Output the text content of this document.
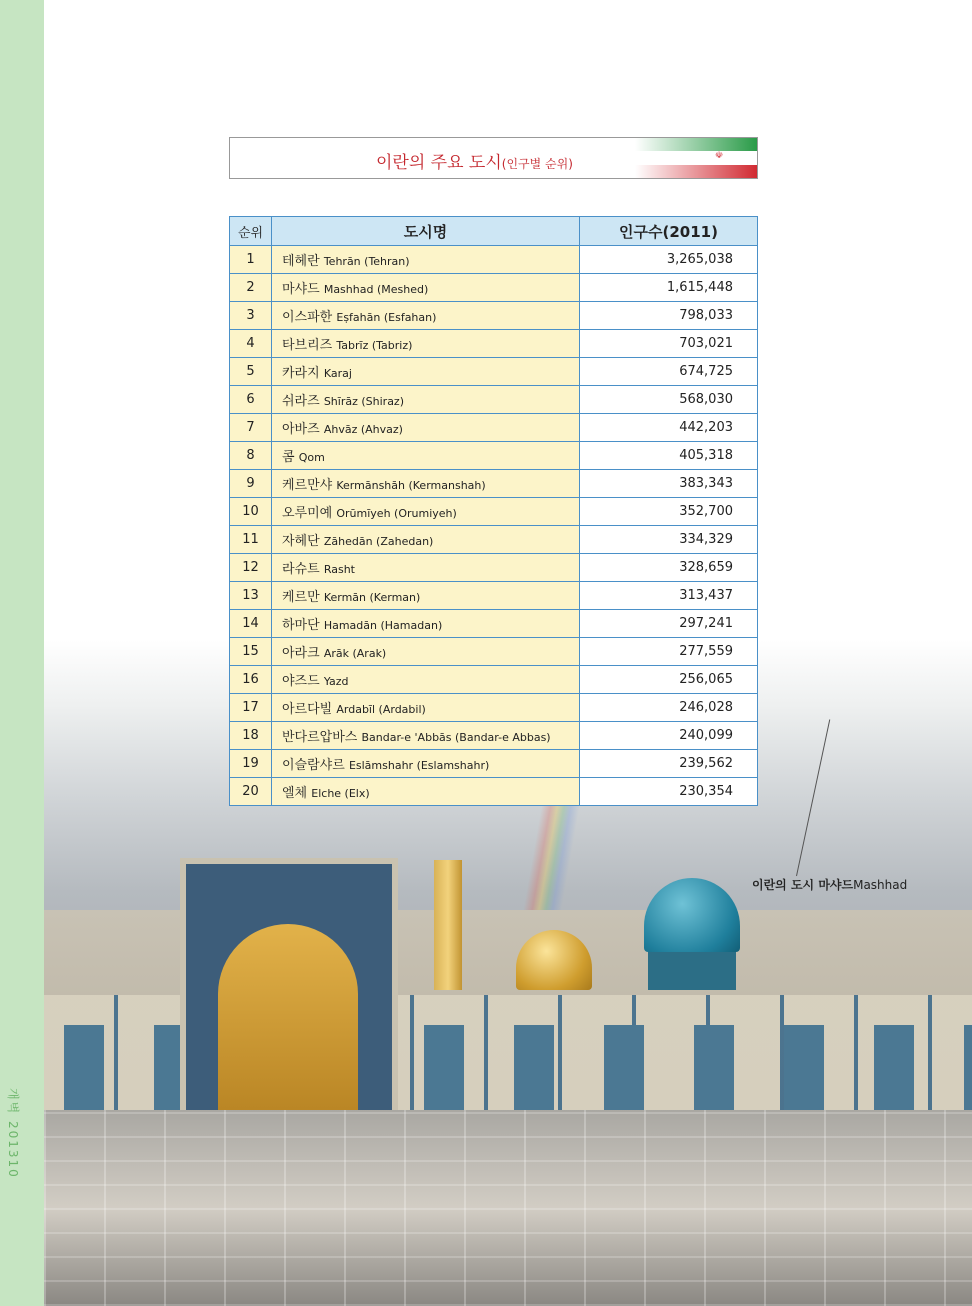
개벽 201310
이란의 도시 마샤드Mashhad
이란의 주요 도시(인구별 순위)
☫
순위	도시명	인구수(2011)
1	테헤란 Tehrān (Tehran)	3,265,038
2	마샤드 Mashhad (Meshed)	1,615,448
3	이스파한 Eṣfahān (Esfahan)	798,033
4	타브리즈 Tabrīz (Tabriz)	703,021
5	카라지 Karaj	674,725
6	쉬라즈 Shīrāz (Shiraz)	568,030
7	아바즈 Ahvāz (Ahvaz)	442,203
8	콤 Qom	405,318
9	케르만샤 Kermānshāh (Kermanshah)	383,343
10	오루미예 Orūmīyeh (Orumiyeh)	352,700
11	자헤단 Zāhedān (Zahedan)	334,329
12	라슈트 Rasht	328,659
13	케르만 Kermān (Kerman)	313,437
14	하마단 Hamadān (Hamadan)	297,241
15	아라크 Arāk (Arak)	277,559
16	야즈드 Yazd	256,065
17	아르다빌 Ardabīl (Ardabil)	246,028
18	반다르압바스 Bandar-e 'Abbās (Bandar-e Abbas)	240,099
19	이슬람샤르 Eslāmshahr (Eslamshahr)	239,562
20	엘체 Elche (Elx)	230,354
